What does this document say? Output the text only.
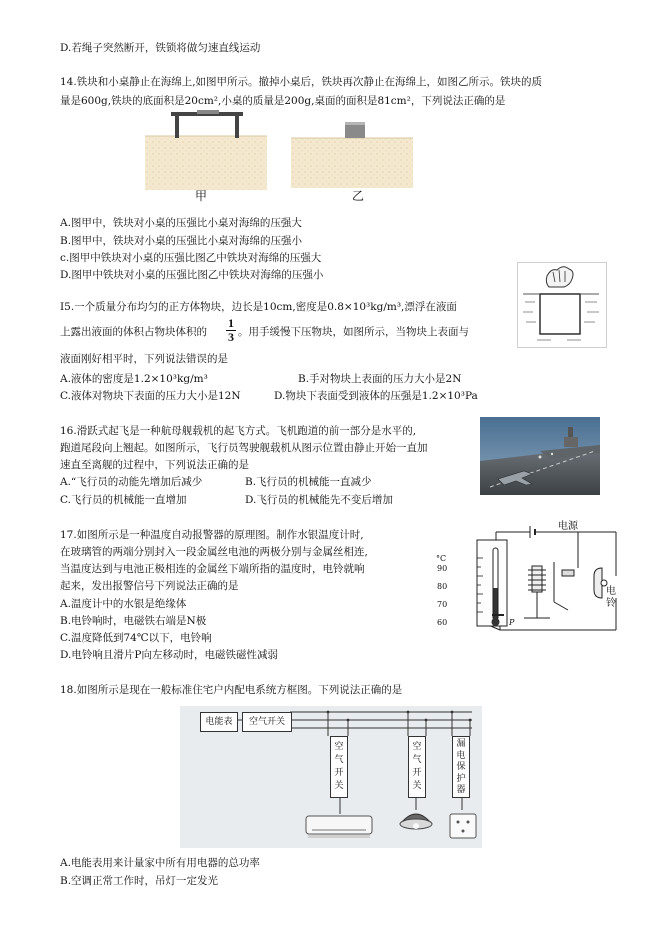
D.若绳子突然断开，铁锁将做匀速直线运动
14.铁块和小桌静止在海绵上,如图甲所示。撤掉小桌后，铁块再次静止在海绵上，如图乙所示。铁块的质
量是600g,铁块的底面积是20cm²,小桌的质量是200g,桌面的面积是81cm²，下列说法正确的是
甲	乙
A.图甲中，铁块对小桌的压强比小桌对海绵的压强大
B.图甲中，铁块对小桌的压强比小桌对海绵的压强小
c.图甲中铁块对小桌的压强比图乙中铁块对海绵的压强大
D.图甲中铁块对小桌的压强比图乙中铁块对海绵的压强小
I5.一个质量分布均匀的正方体物块，边长是10cm,密度是0.8×10³kg/m³,漂浮在液面
上露出液面的体积占物块体积的
1
3 。用手缓慢下压物块，如图所示，当物块上表面与
液面刚好相平时，下列说法错误的是
A.液体的密度是1.2×10³kg/m³	B.手对物块上表面的压力大小是2N
C.液体对物块下表面的压力大小是12N	D.物块下表面受到液体的压强是1.2×10³Pa
16.滑跃式起飞是一种航母舰载机的起飞方式。飞机跑道的前一部分是水平的,
跑道尾段向上翘起。如图所示，飞行员驾驶舰载机从图示位置由静止开始一直加
速直至离舰的过程中，下列说法正确的是
A.“飞行员的动能先增加后减少	B.飞行员的机械能一直减少
C.飞行员的机械能一直增加	D.飞行员的机械能先不变后增加
17.如图所示是一种温度自动报警器的原理图。制作水银温度计时,
在玻璃管的两端分别封入一段金属丝电池的两极分别与金属丝相连,
当温度达到与电池正极相连的金属丝下端所指的温度时，电铃就响
起来，发出报警信号下列说法正确的是
A.温度计中的水银是绝缘体
B.电铃响时，电磁铁右端是N极
C.温度降低到74℃以下，电铃响
D.电铃响且滑片P向左移动时，电磁铁磁性减弱
°C
90
80
70
60
电源
电铃
P
18.如图所示是现在一般标准住宅户内配电系统方框图。下列说法正确的是
电能表	空气开关
空气开关
空气开关
漏电保护器
A.电能表用来计量家中所有用电器的总功率
B.空调正常工作时，吊灯一定发光
